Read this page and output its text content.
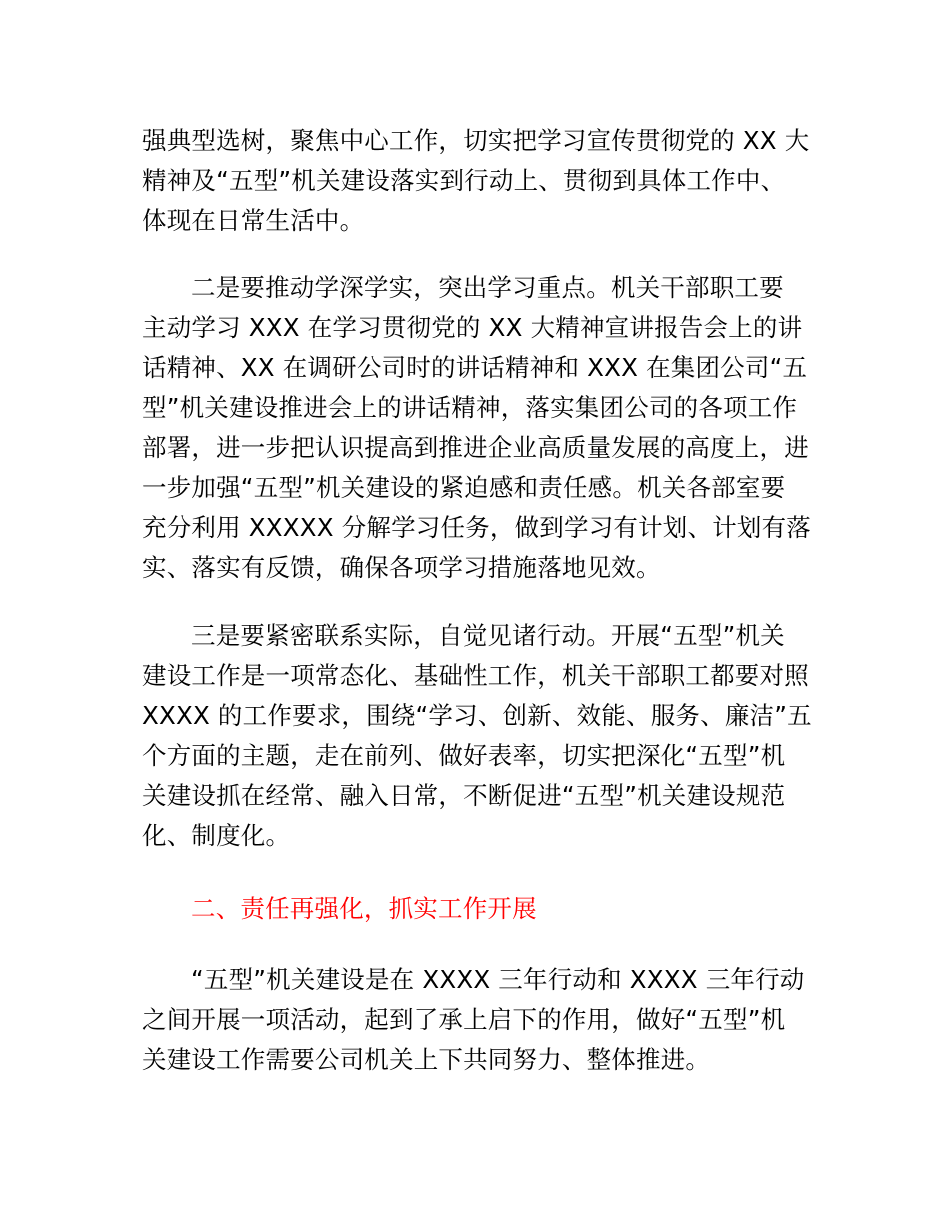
强典型选树，聚焦中心工作，切实把学习宣传贯彻党的 XX 大
精神及“五型”机关建设落实到行动上、贯彻到具体工作中、
体现在日常生活中。
二是要推动学深学实，突出学习重点。机关干部职工要
主动学习 XXX 在学习贯彻党的 XX 大精神宣讲报告会上的讲
话精神、XX 在调研公司时的讲话精神和 XXX 在集团公司“五
型”机关建设推进会上的讲话精神，落实集团公司的各项工作
部署，进一步把认识提高到推进企业高质量发展的高度上，进
一步加强“五型”机关建设的紧迫感和责任感。机关各部室要
充分利用 XXXXX 分解学习任务，做到学习有计划、计划有落
实、落实有反馈，确保各项学习措施落地见效。
三是要紧密联系实际，自觉见诸行动。开展“五型”机关
建设工作是一项常态化、基础性工作，机关干部职工都要对照
XXXX 的工作要求，围绕“学习、创新、效能、服务、廉洁”五
个方面的主题，走在前列、做好表率，切实把深化“五型”机
关建设抓在经常、融入日常，不断促进“五型”机关建设规范
化、制度化。
二、责任再强化，抓实工作开展
“五型”机关建设是在 XXXX 三年行动和 XXXX 三年行动
之间开展一项活动，起到了承上启下的作用，做好“五型”机
关建设工作需要公司机关上下共同努力、整体推进。
